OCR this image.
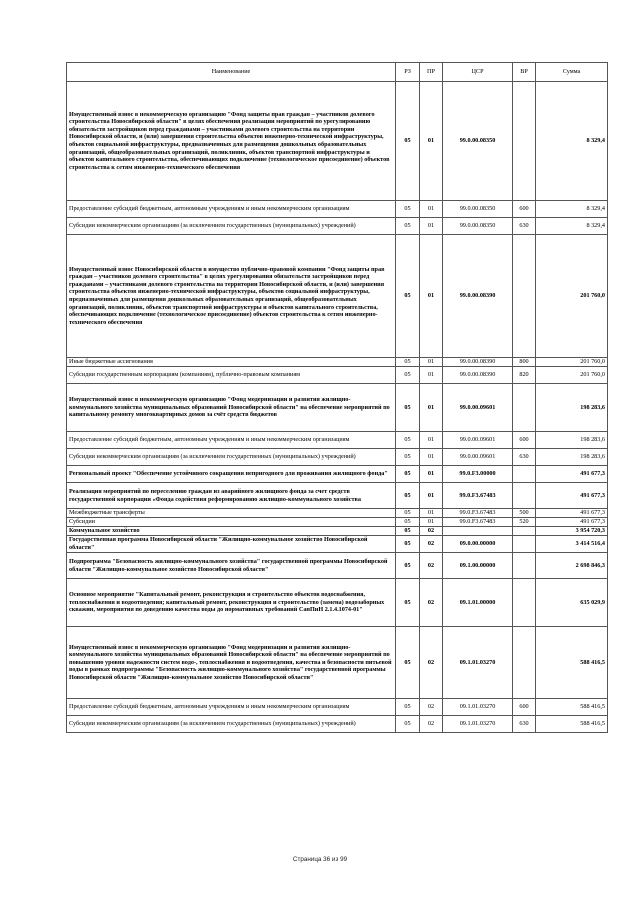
Наименование	РЗ	ПР	ЦСР	ВР	Сумма
Имущественный взнос в некоммерческую организацию "Фонд защиты прав граждан – участников долевого строительства Новосибирской области" в целях обеспечения реализации мероприятий по урегулированию обязательств застройщиков перед гражданами – участниками долевого строительства на территории Новосибирской области, и (или) завершения строительства объектов инженерно-технической инфраструктуры, объектов социальной инфраструктуры, предназначенных для размещения дошкольных образовательных организаций, общеобразовательных организаций, поликлиник, объектов транспортной инфраструктуры и объектов капитального строительства, обеспечивающих подключение (технологическое присоединение) объектов строительства к сетям инженерно-технического обеспечения	05	01	99.0.00.08350		8 329,4
Предоставление субсидий бюджетным, автономным учреждениям и иным некоммерческим организациям	05	01	99.0.00.08350	600	8 329,4
Субсидии некоммерческим организациям (за исключением государственных (муниципальных) учреждений)	05	01	99.0.00.08350	630	8 329,4
Имущественный взнос Новосибирской области в имущество публично-правовой компании "Фонд защиты прав граждан – участников долевого строительства" в целях урегулирования обязательств застройщиков перед гражданами – участниками долевого строительства на территории Новосибирской области, и (или) завершения строительства объектов инженерно-технической инфраструктуры, объектов социальной инфраструктуры, предназначенных для размещения дошкольных образовательных организаций, общеобразовательных организаций, поликлиник, объектов транспортной инфраструктуры и объектов капитального строительства, обеспечивающих подключение (технологическое присоединение) объектов строительства к сетям инженерно-технического обеспечения	05	01	99.0.00.08390		201 760,0
Иные бюджетные ассигнования	05	01	99.0.00.08390	800	201 760,0
Субсидии государственным корпорациям (компаниям), публично-правовым компаниям	05	01	99.0.00.08390	820	201 760,0
Имущественный взнос в некоммерческую организацию "Фонд модернизации и развития жилищно-коммунального хозяйства муниципальных образований Новосибирской области" на обеспечение мероприятий по капитальному ремонту многоквартирных домов за счёт средств бюджетов	05	01	99.0.00.09601		198 283,6
Предоставление субсидий бюджетным, автономным учреждениям и иным некоммерческим организациям	05	01	99.0.00.09601	600	198 283,6
Субсидии некоммерческим организациям (за исключением государственных (муниципальных) учреждений)	05	01	99.0.00.09601	630	198 283,6
Региональный проект "Обеспечение устойчивого сокращения непригодного для проживания жилищного фонда"	05	01	99.0.F3.00000		491 677,3
Реализация мероприятий по переселению граждан из аварийного жилищного фонда за счет средств государственной корпорации «Фонда содействия реформированию жилищно-коммунального хозяйства	05	01	99.0.F3.67483		491 677,3
Межбюджетные трансферты	05	01	99.0.F3.67483	500	491 677,3
Субсидии	05	01	99.0.F3.67483	520	491 677,3
Коммунальное хозяйство	05	02			3 954 720,3
Государственная программа Новосибирской области "Жилищно-коммунальное хозяйство Новосибирской области"	05	02	09.0.00.00000		3 414 516,4
Подпрограмма "Безопасность жилищно-коммунального хозяйства" государственной программы Новосибирской области "Жилищно-коммунальное хозяйство Новосибирской области"	05	02	09.1.00.00000		2 698 846,3
Основное мероприятие "Капитальный ремонт, реконструкция и строительство объектов водоснабжения, теплоснабжения и водоотведения; капитальный ремонт, реконструкция и строительство (замена) водозаборных скважин, мероприятия по доведению качества воды до нормативных требований СанПиН 2.1.4.1074-01"	05	02	09.1.01.00000		635 029,9
Имущественный взнос в некоммерческую организацию "Фонд модернизации и развития жилищно-коммунального хозяйства муниципальных образований Новосибирской области" на обеспечение мероприятий по повышению уровня надежности систем водо-, теплоснабжения и водоотведения, качества и безопасности питьевой воды в рамках подпрограммы "Безопасность жилищно-коммунального хозяйства" государственной программы Новосибирской области "Жилищно-коммунальное хозяйство Новосибирской области"	05	02	09.1.01.03270		588 416,5
Предоставление субсидий бюджетным, автономным учреждениям и иным некоммерческим организациям	05	02	09.1.01.03270	600	588 416,5
Субсидии некоммерческим организациям (за исключением государственных (муниципальных) учреждений)	05	02	09.1.01.03270	630	588 416,5
Страница 36 из 99
